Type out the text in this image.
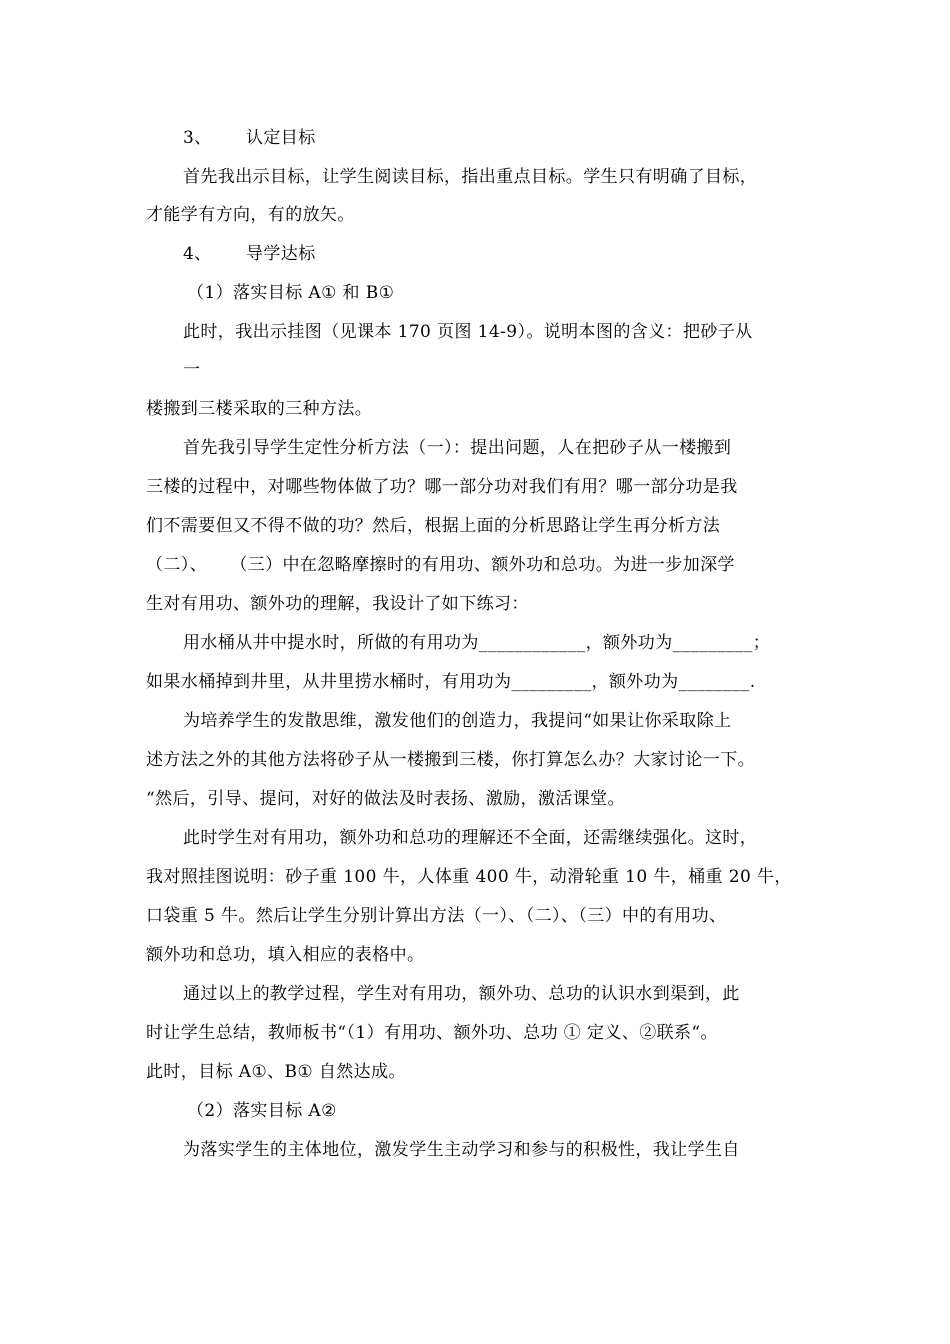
3、 认定目标
首先我出示目标，让学生阅读目标，指出重点目标。学生只有明确了目标，
才能学有方向，有的放矢。
4、 导学达标
（1）落实目标 A① 和 B①
此时，我出示挂图（见课本 170 页图 14-9）。说明本图的含义：把砂子从
一
楼搬到三楼采取的三种方法。
首先我引导学生定性分析方法（一）：提出问题，人在把砂子从一楼搬到
三楼的过程中，对哪些物体做了功？哪一部分功对我们有用？哪一部分功是我
们不需要但又不得不做的功？然后，根据上面的分析思路让学生再分析方法
（二）、    （三）中在忽略摩擦时的有用功、额外功和总功。为进一步加深学
生对有用功、额外功的理解，我设计了如下练习：
用水桶从井中提水时，所做的有用功为____________，额外功为_________；
如果水桶掉到井里，从井里捞水桶时，有用功为_________，额外功为________.
为培养学生的发散思维，激发他们的创造力，我提问“如果让你采取除上
述方法之外的其他方法将砂子从一楼搬到三楼，你打算怎么办？大家讨论一下。
“然后，引导、提问，对好的做法及时表扬、激励，激活课堂。
此时学生对有用功，额外功和总功的理解还不全面，还需继续强化。这时，
我对照挂图说明：砂子重 100 牛，人体重 400 牛，动滑轮重 10 牛，桶重 20 牛，
口袋重 5 牛。然后让学生分别计算出方法（一）、（二）、（三）中的有用功、
额外功和总功，填入相应的表格中。
通过以上的教学过程，学生对有用功，额外功、总功的认识水到渠到，此
时让学生总结，教师板书“（1）有用功、额外功、总功 ① 定义、②联系“。
此时，目标 A①、B① 自然达成。
（2）落实目标 A②
为落实学生的主体地位，激发学生主动学习和参与的积极性，我让学生自
